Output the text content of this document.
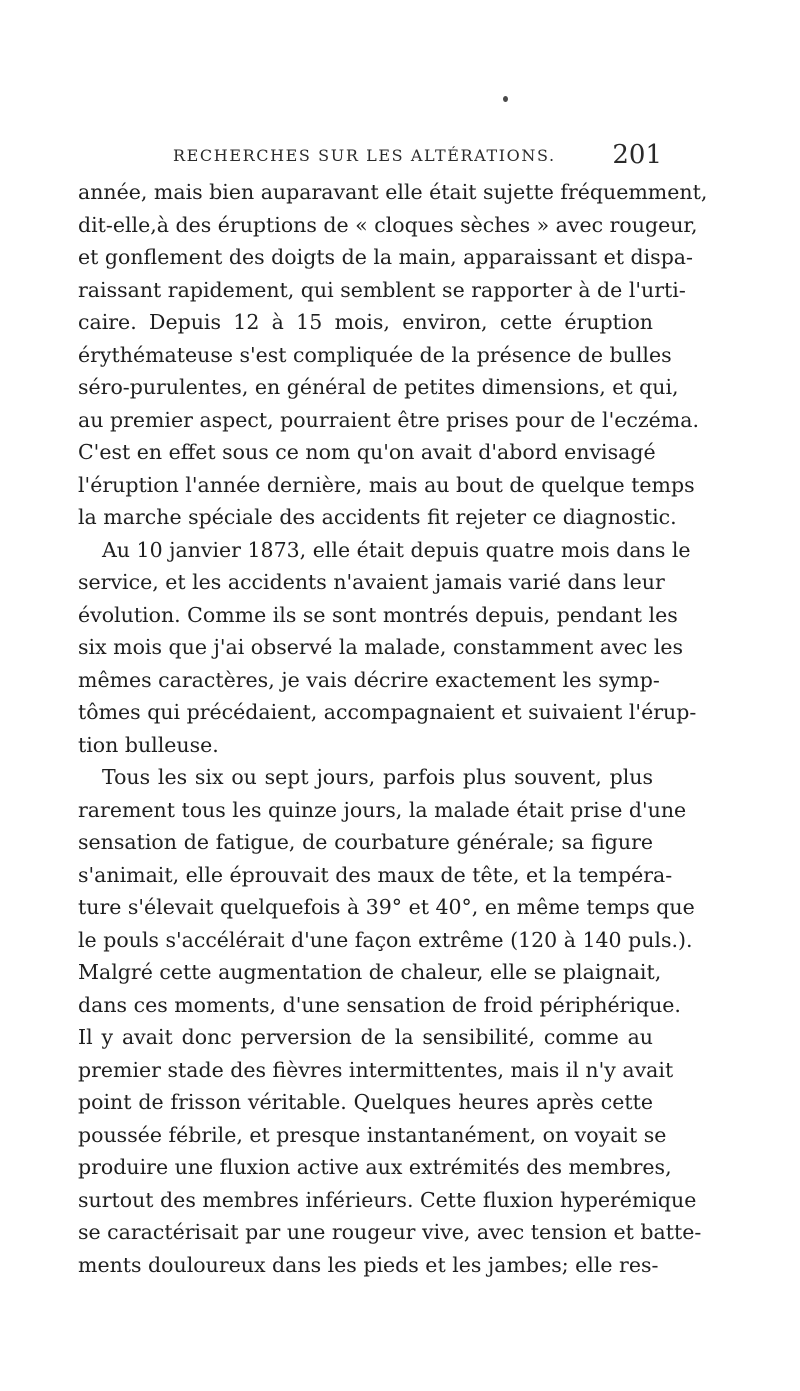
RECHERCHES SUR LES ALTÉRATIONS. 201
année, mais bien auparavant elle était sujette fréquemment,
dit-elle,à des éruptions de « cloques sèches » avec rougeur,
et gonflement des doigts de la main, apparaissant et dispa-
raissant rapidement, qui semblent se rapporter à de l'urti-
caire. Depuis 12 à 15 mois, environ, cette éruption
érythémateuse s'est compliquée de la présence de bulles
séro-purulentes, en général de petites dimensions, et qui,
au premier aspect, pourraient être prises pour de l'eczéma.
C'est en effet sous ce nom qu'on avait d'abord envisagé
l'éruption l'année dernière, mais au bout de quelque temps
la marche spéciale des accidents fit rejeter ce diagnostic.
Au 10 janvier 1873, elle était depuis quatre mois dans le
service, et les accidents n'avaient jamais varié dans leur
évolution. Comme ils se sont montrés depuis, pendant les
six mois que j'ai observé la malade, constamment avec les
mêmes caractères, je vais décrire exactement les symp-
tômes qui précédaient, accompagnaient et suivaient l'érup-
tion bulleuse.
Tous les six ou sept jours, parfois plus souvent, plus
rarement tous les quinze jours, la malade était prise d'une
sensation de fatigue, de courbature générale; sa figure
s'animait, elle éprouvait des maux de tête, et la tempéra-
ture s'élevait quelquefois à 39° et 40°, en même temps que
le pouls s'accélérait d'une façon extrême (120 à 140 puls.).
Malgré cette augmentation de chaleur, elle se plaignait,
dans ces moments, d'une sensation de froid périphérique.
Il y avait donc perversion de la sensibilité, comme au
premier stade des fièvres intermittentes, mais il n'y avait
point de frisson véritable. Quelques heures après cette
poussée fébrile, et presque instantanément, on voyait se
produire une fluxion active aux extrémités des membres,
surtout des membres inférieurs. Cette fluxion hyperémique
se caractérisait par une rougeur vive, avec tension et batte-
ments douloureux dans les pieds et les jambes; elle res-
